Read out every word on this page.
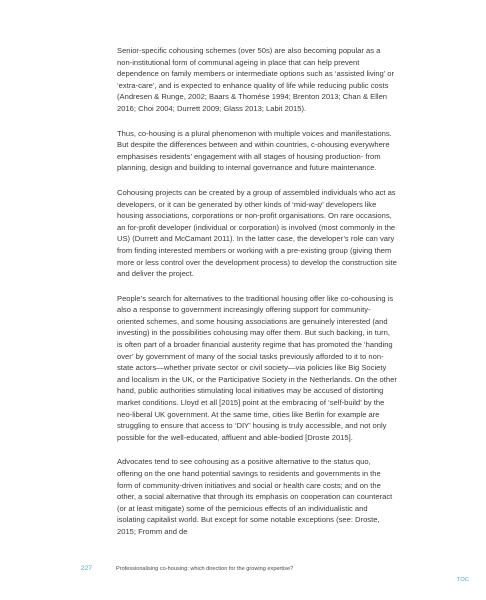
Senior-specific cohousing schemes (over 50s) are also becoming popular as a non-institutional form of communal ageing in place that can help prevent dependence on family members or intermediate options such as ‘assisted living’ or ‘extra-care’, and is expected to enhance quality of life while reducing public costs (Andresen & Runge, 2002; Baars & Thomése 1994; Brenton 2013; Chan & Ellen 2016; Choi 2004; Durrett 2009; Glass 2013; Labit 2015).

Thus, co-housing is a plural phenomenon with multiple voices and manifestations. But despite the differences between and within countries, c-ohousing everywhere emphasises residents’ engagement with all stages of housing production- from planning, design and building to internal governance and future maintenance.

Cohousing projects can be created by a group of assembled individuals who act as developers, or it can be generated by other kinds of ‘mid-way’ developers like housing associations, corporations or non-profit organisations. On rare occasions, an for-profit developer (individual or corporation) is involved (most commonly in the US) (Durrett and McCamant 2011). In the latter case, the developer’s role can vary from finding interested members or working with a pre-existing group (giving them more or less control over the development process) to develop the construction site and deliver the project.

People’s search for alternatives to the traditional housing offer like co-cohousing is also a response to government increasingly offering support for community-oriented schemes, and some housing associations are genuinely interested (and investing) in the possibilities cohousing may offer them. But such backing, in turn, is often part of a broader financial austerity regime that has promoted the ‘handing over’ by government of many of the social tasks previously afforded to it to non-state actors—whether private sector or civil society—via policies like Big Society and localism in the UK, or the Participative Society in the Netherlands. On the other hand, public authorities stimulating local initiatives may be accused of distorting market conditions. Lloyd et all [2015] point at the embracing of ‘self-build’ by the neo-liberal UK government. At the same time, cities like Berlin for example are struggling to ensure that access to ‘DIY’ housing is truly accessible, and not only possible for the well-educated, affluent and able-bodied [Droste 2015].

Advocates tend to see cohousing as a positive alternative to the status quo, offering on the one hand potential savings to residents and governments in the form of community-driven initiatives and social or health care costs; and on the other, a social alternative that through its emphasis on cooperation can counteract (or at least mitigate) some of the pernicious effects of an individualistic and isolating capitalist world. But except for some notable exceptions (see: Droste, 2015; Fromm and de

227	Professionalising co-housing: which direction for the growing expertise?
TOC
· · · · · ·
